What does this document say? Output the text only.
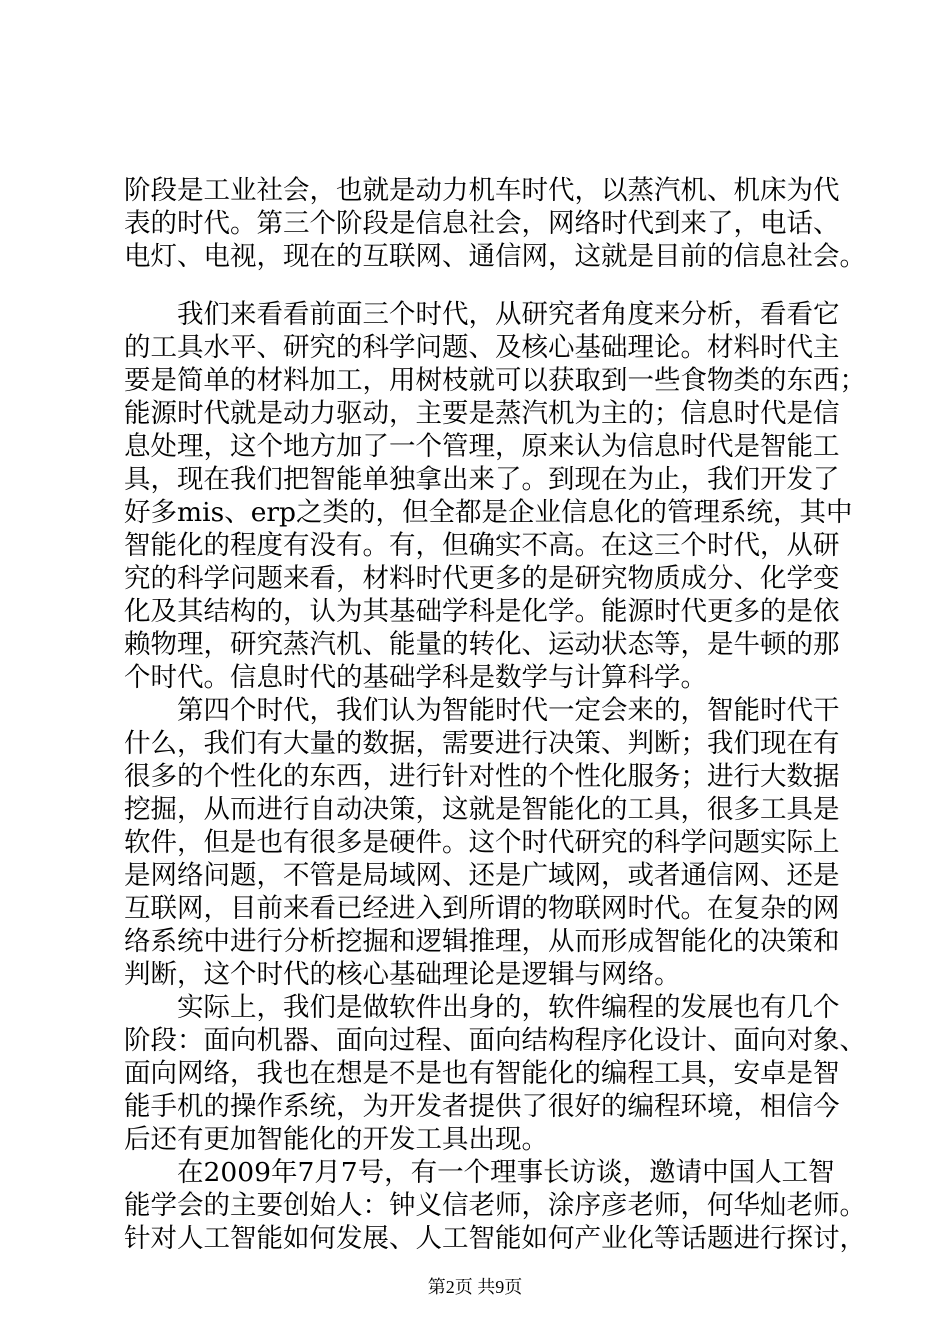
阶段是工业社会，也就是动力机车时代，以蒸汽机、机床为代
表的时代。第三个阶段是信息社会，网络时代到来了，电话、
电灯、电视，现在的互联网、通信网，这就是目前的信息社会。
　　我们来看看前面三个时代，从研究者角度来分析，看看它
的工具水平、研究的科学问题、及核心基础理论。材料时代主
要是简单的材料加工，用树枝就可以获取到一些食物类的东西；
能源时代就是动力驱动，主要是蒸汽机为主的；信息时代是信
息处理，这个地方加了一个管理，原来认为信息时代是智能工
具，现在我们把智能单独拿出来了。到现在为止，我们开发了
好多mis、erp之类的，但全都是企业信息化的管理系统，其中
智能化的程度有没有。有，但确实不高。在这三个时代，从研
究的科学问题来看，材料时代更多的是研究物质成分、化学变
化及其结构的，认为其基础学科是化学。能源时代更多的是依
赖物理，研究蒸汽机、能量的转化、运动状态等，是牛顿的那
个时代。信息时代的基础学科是数学与计算科学。
　　第四个时代，我们认为智能时代一定会来的，智能时代干
什么，我们有大量的数据，需要进行决策、判断；我们现在有
很多的个性化的东西，进行针对性的个性化服务；进行大数据
挖掘，从而进行自动决策，这就是智能化的工具，很多工具是
软件，但是也有很多是硬件。这个时代研究的科学问题实际上
是网络问题，不管是局域网、还是广域网，或者通信网、还是
互联网，目前来看已经进入到所谓的物联网时代。在复杂的网
络系统中进行分析挖掘和逻辑推理，从而形成智能化的决策和
判断，这个时代的核心基础理论是逻辑与网络。
　　实际上，我们是做软件出身的，软件编程的发展也有几个
阶段：面向机器、面向过程、面向结构程序化设计、面向对象、
面向网络，我也在想是不是也有智能化的编程工具，安卓是智
能手机的操作系统，为开发者提供了很好的编程环境，相信今
后还有更加智能化的开发工具出现。
　　在2009年7月7号，有一个理事长访谈，邀请中国人工智
能学会的主要创始人：钟义信老师，涂序彦老师，何华灿老师。
针对人工智能如何发展、人工智能如何产业化等话题进行探讨，
第2页 共9页
